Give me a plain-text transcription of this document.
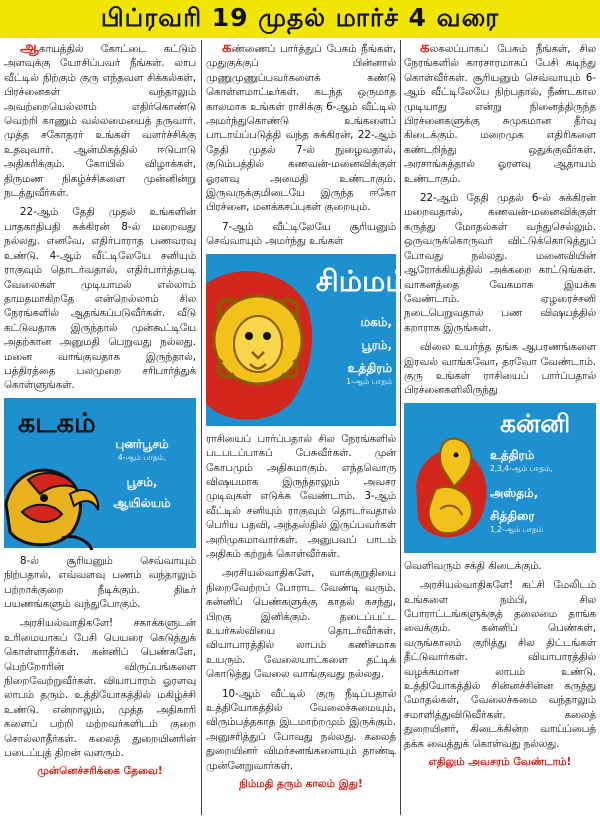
பிப்ரவரி 19 முதல் மார்ச் 4 வரை

ஆகாயத்தில் கோட்டை கட்டும் அளவுக்கு யோசிப்பவர் நீங்கள். லாப வீட்டில் நிற்கும் குரு எந்தவள சிக்கல்கள், பிரச்னைகள் வந்தாலும் அவற்றையெல்லாம் எதிர்கொண்டு வெற்றி காணும் வல்லமையைத் தருவார். முத்த சகோதரர் உங்கள் வளர்ச்சிக்கு உதவுவார். ஆன்மிகத்தில் ஈடுபாடு அதிகரிக்கும். கோயில் விழாக்கள், திருமண நிகழ்ச்சிகளை முன்னின்று நடத்துவீர்கள்.

22-ஆம் தேதி முதல் உங்களின் பாதகாதிபதி சுக்கிரன் 8-ல் மறைவது நல்லது. எனவே, எதிர்பாராத பணவரவு உண்டு. 4-ஆம் வீட்டிலேயே சனியும் ராகுவும் தொடர்வதால், எதிர்பார்த்தபடி வேலைகள் முடியாமல் எல்லாம் தாமதமாகிறதே என்றெல்லாம் சில நேரங்களில் ஆதங்கப்படுவீர்கள். வீடு கட்டுவதாக இருந்தால் முன்கூட்டியே அதற்கான அனுமதி பெறுவது நல்லது. மனை வாங்குவதாக இருந்தால், பத்திரத்தை பலமுறை சரிபார்த்துக் கொள்ளுங்கள்.

கடகம்
புனர்பூசம்
4-ஆம் பாதம்,
பூசம்,
ஆயில்யம்

8-ல் சூரியனும் செவ்வாயும் நிற்பதால், எவ்வளவு பணம் வந்தாலும் பற்றாக்குறை நீடிக்கும். திடீர் பயணங்களும் வந்துபோகும்.

அரசியல்வாதிகளே! சகாக்களுடன் உரிமையாகப் பேசி பெயரை கெடுத்துக் கொள்ளாதீர்கள். கன்னிப் பெண்களே, பெற்றோரின் விருப்பங்களை நிறைவேற்றுவீர்கள். வியாபாரம் ஓரளவு லாபம் தரும். உத்தியோகத்தில் மகிழ்ச்சி உண்டு. என்றாலும், முத்த அதிகாரி களைப் பற்றி மற்றவர்களிடம் குறை சொல்லாதீர்கள். கலைத் துறையினரின் படைப்புத் திறன் வளரும்.

முன்னெச்சரிக்கை தேவை!

கண்ணைப் பார்த்துப் பேசும் நீங்கள், முதுகுக்குப் பின்னால் முணுமுணுப்பவர்களைக் கண்டு கொள்ளமாட்டீர்கள். கடந்த ஒருமாத காலமாக உங்கள் ராசிக்கு 6-ஆம் வீட்டில் அமர்ந்துகொண்டு உங்களைப் பாடாய்ப்படுத்தி வந்த சுக்கிரன், 22-ஆம் தேதி முதல் 7-ல் நுழைவதால், குடும்பத்தில் கணவன்-மனைவிக்குள் ஓரளவு அமைதி உண்டாகும். இருவருக்குமிடையே இருந்த ஈகோ பிரச்னை, மனக்கசப்புகள் குறையும்.

7-ஆம் வீட்டிலேயே சூரியனும் செவ்வாயும் அமர்ந்து உங்கள்

சிம்மம்
மகம்,
பூரம்,
உத்திரம்
1-ஆம் பாதம்

ராசியைப் பார்ப்பதால் சில நேரங்களில் படபடப்பாகப் பேசுவீர்கள். முன் கோபமும் அதிகமாகும். எந்தவொரு விஷயமாக இருந்தாலும் அவசர முடிவுகள் எடுக்க வேண்டாம். 3-ஆம் வீட்டில் சனியும் ராகுவும் தொடர்வதால் பெரிய பதவி, அந்தஸ்தில் இருப்பவர்கள் அறிமுகமாவார்கள். அனுபவப் பாடம் அதிகம் கற்றுக் கொள்வீர்கள்.

அரசியல்வாதிகளே, வாக்குறுதியை நிறைவேற்றப் போராட வேண்டி வரும். கன்னிப் பெண்களுக்கு காதல் கசந்து, பிறகு இனிக்கும். தடைப்பட்ட உயர்கல்வியை தொடர்வீர்கள். வியாபாரத்தில் லாபம் கணிசமாக உயரும். வேலையாட்களை தட்டிக் கொடுத்து வேலை வாங்குவது நல்லது.

10-ஆம் வீட்டில் குரு நீடிப்பதால் உத்தியோகத்தில் வேலைச்சுமையும், விரும்பத்தகாத இடமாற்றமும் இருக்கும். அனுசரித்துப் போவது நல்லது. கலைத் துறையினர் விமர்சனங்களையும் தாண்டி முன்னேறுவார்கள்.

நிம்மதி தரும் காலம் இது!

கலகலப்பாகப் பேசும் நீங்கள், சில நேரங்களில் காரசாரமாகப் பேசி கடிந்து கொள்வீர்கள். சூரியனும் செவ்வாயும் 6-ஆம் வீட்டிலேயே நிற்பதால், நீண்டகால முடியாது என்று நினைத்திருந்த பிரச்னைகளுக்கு சுமுகமான தீர்வு கிடைக்கும். மறைமுக எதிரிகளை கண்டறிந்து ஒதுக்குவீர்கள். அரசாங்கத்தால் ஓரளவு ஆதாயம் உண்டாகும்.

22-ஆம் தேதி முதல் 6-ல் சுக்கிரன் மறைவதால், கணவன்-மனைவிக்குள் கருத்து மோதல்கள் வந்துசெல்லும். ஒருவருக்கொருவர் விட்டுக்கொடுத்துப் போவது நல்லது. மனைவியின் ஆரோக்கியத்தில் அக்கறை காட்டுங்கள். வாகனத்தை வேகமாக இயக்க வேண்டாம். ஏழரைச்சனி நடைபெறுவதால் பண விஷயத்தில் கறாராக இருங்கள்.

விலை உயர்ந்த தங்க ஆபரணங்களை இரவல் வாங்கவோ, தரவோ வேண்டாம். குரு உங்கள் ராசியைப் பார்ப்பதால் பிரச்னைகளிலிருந்து

கன்னி
உத்திரம்
2,3,4-ஆம் பாதம்,
அஸ்தம்,
சித்திரை
1,2-ஆம் பாதம்

வெளிவரும் சக்தி கிடைக்கும்.

அரசியல்வாதிகளே! கட்சி மேலிடம் உங்களை நம்பி, சில போராட்டங்களுக்குத் தலைமை தாங்க வைக்கும். கன்னிப் பெண்கள், வருங்காலம் குறித்து சில திட்டங்கள் தீட்டுவார்கள். வியாபாரத்தில் வழக்கமான லாபம் உண்டு. உத்தியோகத்தில் சின்னச்சின்ன கருத்து மோதல்கள், வேலைச்சுமை வந்தாலும் சமாளித்துவிடுவீர்கள். கலைத் துறையினர், கிடைக்கின்ற வாய்ப்பைத் தக்க வைத்துக் கொள்வது நல்லது.

எதிலும் அவசரம் வேண்டாம்!
